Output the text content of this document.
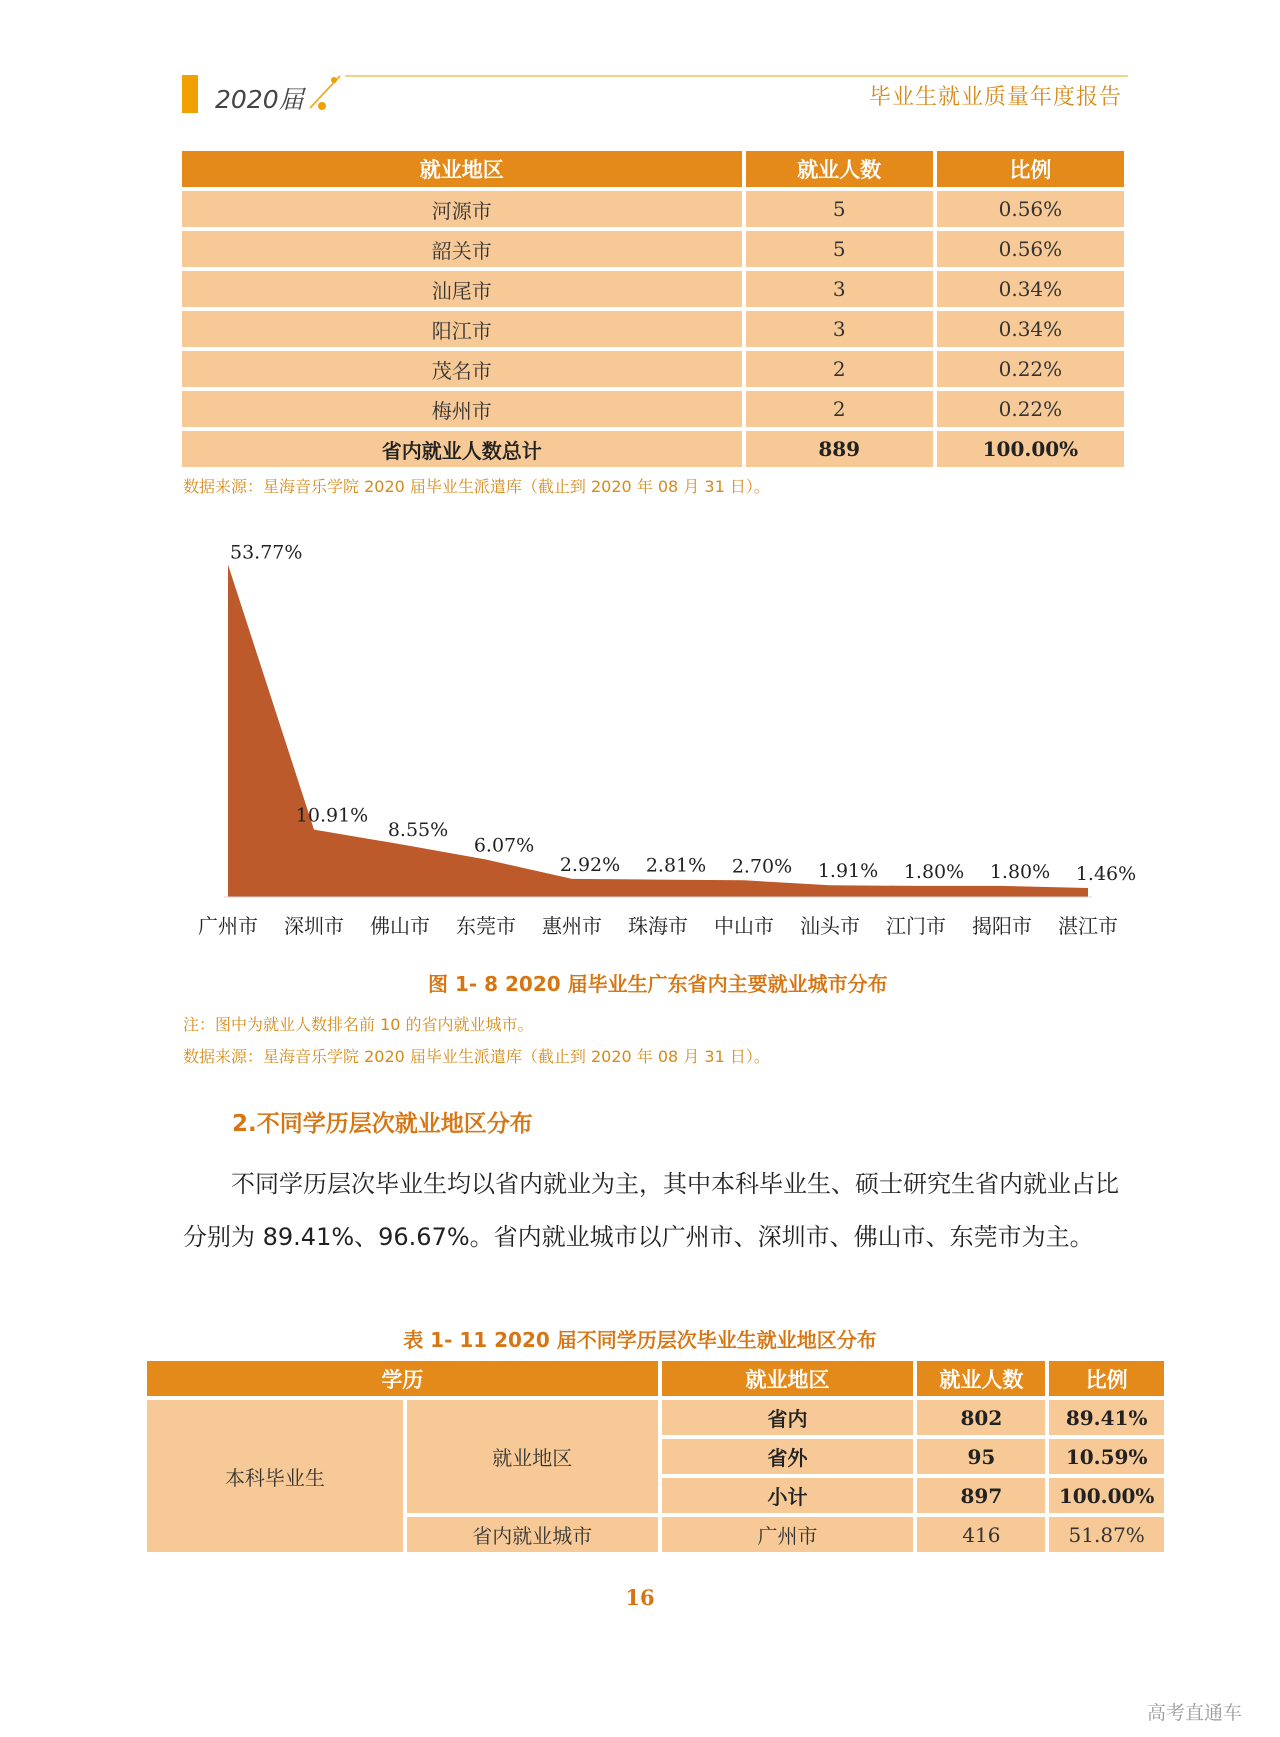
2020届	毕业生就业质量年度报告
就业地区	就业人数	比例
河源市	5	0.56%
韶关市	5	0.56%
汕尾市	3	0.34%
阳江市	3	0.34%
茂名市	2	0.22%
梅州市	2	0.22%
省内就业人数总计	889	100.00%
数据来源：星海音乐学院 2020 届毕业生派遣库（截止到 2020 年 08 月 31 日）。
53.77%
10.91%
8.55%
6.07%
2.92% 2.81% 2.70% 1.91% 1.80% 1.80% 1.46%
广州市 深圳市 佛山市 东莞市 惠州市 珠海市 中山市 汕头市 江门市 揭阳市 湛江市
图 1- 8 2020 届毕业生广东省内主要就业城市分布
注：图中为就业人数排名前 10 的省内就业城市。
数据来源：星海音乐学院 2020 届毕业生派遣库（截止到 2020 年 08 月 31 日）。
2.不同学历层次就业地区分布
不同学历层次毕业生均以省内就业为主，其中本科毕业生、硕士研究生省内就业占比分别为 89.41%、96.67%。省内就业城市以广州市、深圳市、佛山市、东莞市为主。
表 1- 11 2020 届不同学历层次毕业生就业地区分布
学历		就业地区	就业人数	比例
本科毕业生	就业地区	省内	802	89.41%
		省外	95	10.59%
		小计	897	100.00%
	省内就业城市	广州市	416	51.87%
16
高考直通车
